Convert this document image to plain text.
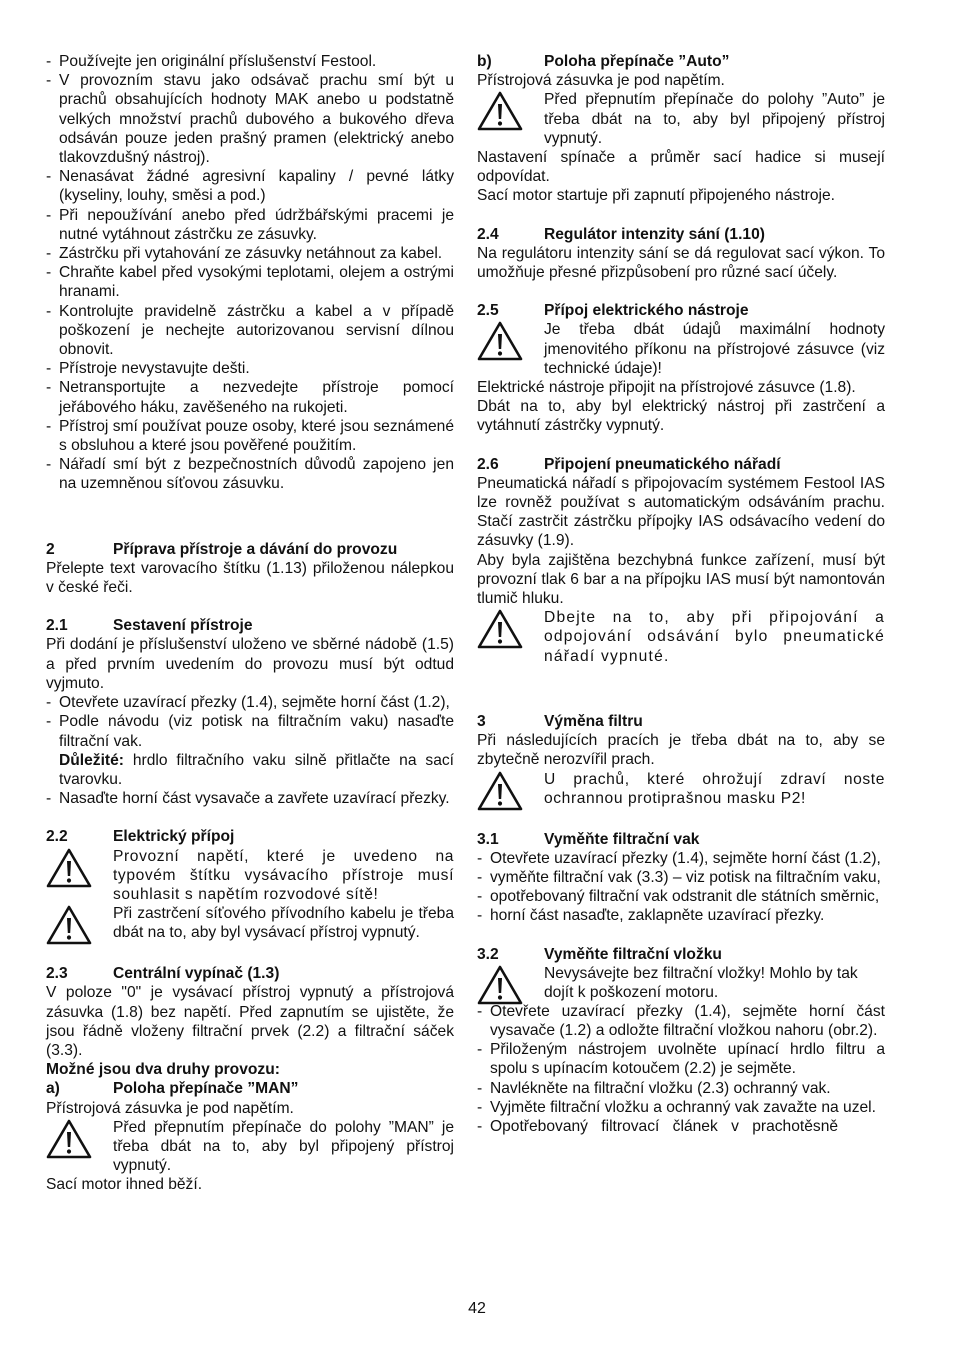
- Používejte jen originální příslušenství Festool.
- V provozním stavu jako odsávač prachu smí být u prachů obsahujících hodnoty MAK anebo u podstatně velkých množství prachů dubového a bukového dřeva odsáván pouze jeden prašný pramen (elektrický anebo tlakovzdušný nástroj).
- Nenasávat žádné agresivní kapaliny / pevné látky (kyseliny, louhy, směsi a pod.)
- Při nepoužívání anebo před údržbářskými pracemi je nutné vytáhnout zástrčku ze zásuvky.
- Zástrčku při vytahování ze zásuvky netáhnout za kabel.
- Chraňte kabel před vysokými teplotami, olejem a ostrými hranami.
- Kontrolujte pravidelně zástrčku a kabel a v případě poškození je nechejte autorizovanou servisní dílnou obnovit.
- Přístroje nevystavujte dešti.
- Netransportujte a nezvedejte přístroje pomocí jeřábového háku, zavěšeného na rukojeti.
- Přístroj smí používat pouze osoby, které jsou seznámené s obsluhou a které jsou pověřené použitím.
- Nářadí smí být z bezpečnostních důvodů zapojeno jen na uzemněnou síťovou zásuvku.
2	Příprava přístroje a dávání do provozu

Přelepte text varovacího štítku (1.13) přiloženou nálepkou v české řeči.

2.1	Sestavení přístroje

Při dodání je příslušenství uloženo ve sběrné nádobě (1.5) a před prvním uvedením do provozu musí být odtud vyjmuto.

- Otevřete uzavírací přezky (1.4), sejměte horní část (1.2),
- Podle návodu (viz potisk na filtračním vaku) nasaďte filtrační vak.

Důležité: hrdlo filtračního vaku silně přitlačte na sací tvarovku.

- Nasaďte horní část vysavače a zavřete uzavírací přezky.
2.2	Elektrický přípoj
Provozní napětí, které je uvedeno na typovém štítku vysávacího přístroje musí souhlasit s napětím rozvodové sítě!
Při zastrčení síťového přívodního kabelu je třeba dbát na to, aby byl vysávací přístroj vypnutý.
2.3	Centrální vypínač (1.3)

V poloze "0" je vysávací přístroj vypnutý a přístrojová zásuvka (1.8) bez napětí. Před zapnutím se ujistěte, že jsou řádně vloženy filtrační prvek (2.2) a filtrační sáček (3.3).

Možné jsou dva druhy provozu:

a)	Poloha přepínače ”MAN”

Přístrojová zásuvka je pod napětím.

Před přepnutím přepínače do polohy ”MAN” je třeba dbát na to, aby byl připojený přístroj vypnutý.

Sací motor ihned běží.

b)	Poloha přepínače ”Auto”

Přístrojová zásuvka je pod napětím.

Před přepnutím přepínače do polohy ”Auto” je třeba dbát na to, aby byl připojený přístroj vypnutý.

Nastavení spínače a průměr sací hadice si musejí odpovídat.

Sací motor startuje při zapnutí připojeného nástroje.

2.4	Regulátor intenzity sání (1.10)

Na regulátoru intenzity sání se dá regulovat sací výkon. To umožňuje přesné přizpůsobení pro různé sací účely.

2.5	Přípoj elektrického nástroje
Je třeba dbát údajů maximální hodnoty jmenovitého příkonu na přístrojové zásuvce (viz technické údaje)!

Elektrické nástroje připojit na přístrojové zásuvce (1.8).

Dbát na to, aby byl elektrický nástroj při zastrčení a vytáhnutí zástrčky vypnutý.

2.6	Připojení pneumatického nářadí

Pneumatická nářadí s připojovacím systémem Festool IAS lze rovněž používat s automatickým odsáváním prachu. Stačí zastrčit zástrčku přípojky IAS odsávacího vedení do zásuvky (1.9).

Aby byla zajištěna bezchybná funkce zařízení, musí být provozní tlak 6 bar a na přípojku IAS musí být namontován tlumič hluku.

Dbejte na to, aby při připojování a odpojování odsávání bylo pneumatické nářadí vypnuté.
3	Výměna filtru

Při následujících pracích je třeba dbát na to, aby se zbytečně nerozvířil prach.

U prachů, které ohrožují zdraví noste ochrannou protiprašnou masku P2!
3.1	Vyměňte filtrační vak
- Otevřete uzavírací přezky (1.4), sejměte horní část (1.2),
- vyměňte filtrační vak (3.3) – viz potisk na filtračním vaku,
- opotřebovaný filtrační vak odstranit dle státních směrnic,
- horní část nasaďte, zaklapněte uzavírací přezky.
3.2	Vyměňte filtrační vložku
Nevysávejte bez filtrační vložky! Mohlo by tak dojít k poškození motoru.
- Otevřete uzavírací přezky (1.4), sejměte horní část vysavače (1.2) a odložte filtrační vložkou nahoru (obr.2).
- Přiloženým nástrojem uvolněte upínací hrdlo filtru a spolu s upínacím kotoučem (2.2) je sejměte.
- Navlékněte na filtrační vložku (2.3) ochranný vak.
- Vyjměte filtrační vložku a ochranný vak zavažte na uzel.
- Opotřebovaný filtrovací článek v prachotěsně
42
